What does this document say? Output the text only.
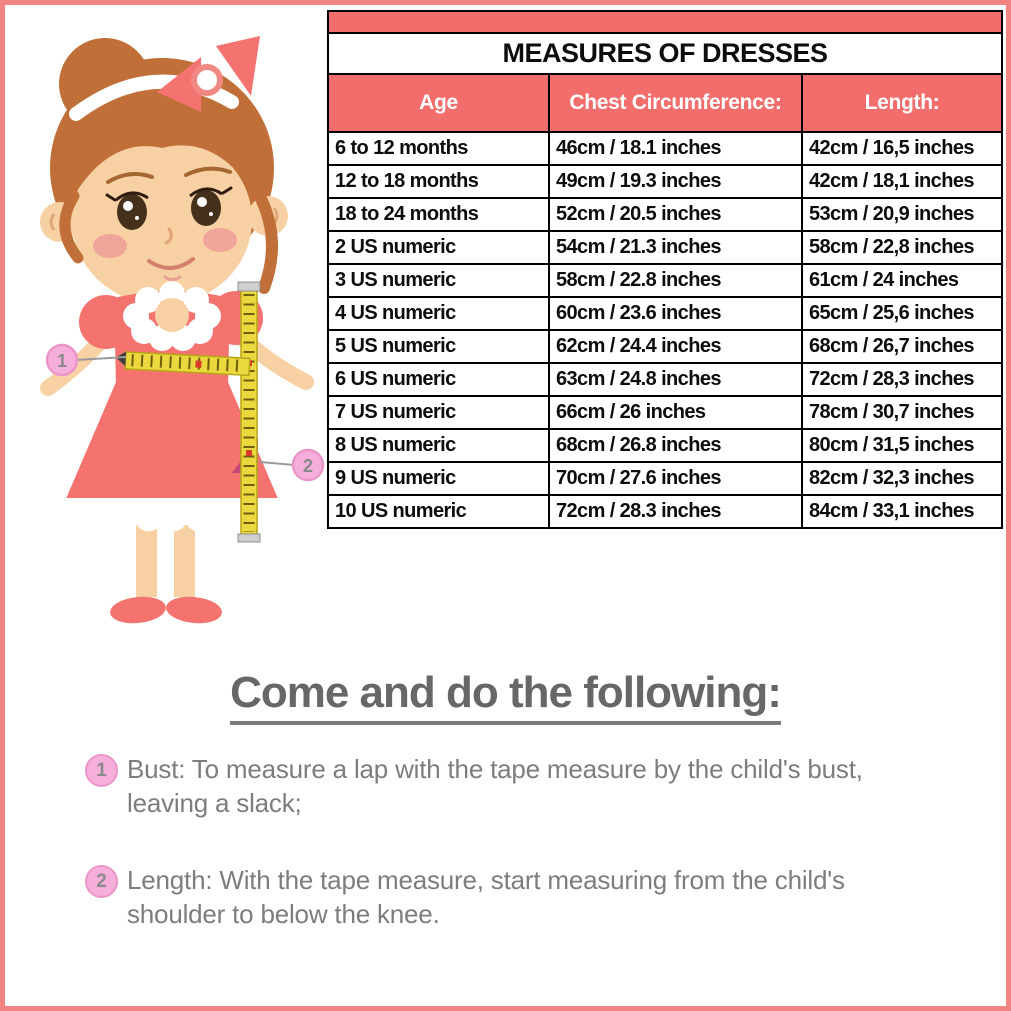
1
2

MEASURES OF DRESSES		
Age	Chest Circumference:	Length:
6 to 12 months	46cm / 18.1 inches	42cm / 16,5 inches
12 to 18 months	49cm / 19.3 inches	42cm / 18,1 inches
18 to 24 months	52cm / 20.5 inches	53cm / 20,9 inches
2 US numeric	54cm / 21.3 inches	58cm / 22,8 inches
3 US numeric	58cm / 22.8 inches	61cm / 24 inches
4 US numeric	60cm / 23.6 inches	65cm / 25,6 inches
5 US numeric	62cm / 24.4 inches	68cm / 26,7 inches
6 US numeric	63cm / 24.8 inches	72cm / 28,3 inches
7 US numeric	66cm / 26 inches	78cm / 30,7 inches
8 US numeric	68cm / 26.8 inches	80cm / 31,5 inches
9 US numeric	70cm / 27.6 inches	82cm / 32,3 inches
10 US numeric	72cm / 28.3 inches	84cm / 33,1 inches
Come and do the following:
1 Bust: To measure a lap with the tape measure by the child's bust,
leaving a slack;
2 Length: With the tape measure, start measuring from the child's
shoulder to below the knee.
